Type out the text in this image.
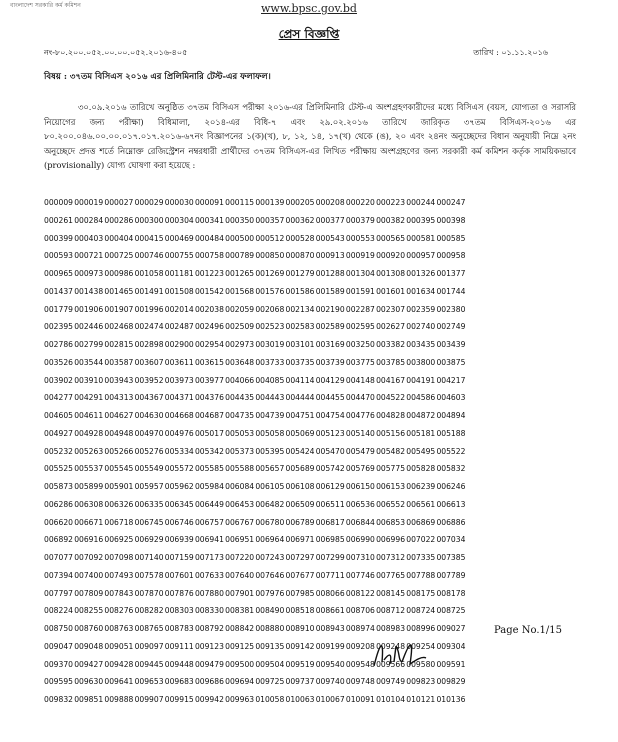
বাংলাদেশ সরকারি কর্ম কমিশন	www.bpsc.gov.bd
প্রেস বিজ্ঞপ্তি
নং-৮০.২০০.০৫২.০০.০০.০৫২.২০১৬-৪০৫	তারিখ : ০১.১১.২০১৬
বিষয় : ৩৭তম বিসিএস ২০১৬ এর প্রিলিমিনারি টেস্ট-এর ফলাফল।

৩০.০৯.২০১৬ তারিখে অনুষ্ঠিত ৩৭তম বিসিএস পরীক্ষা ২০১৬-এর প্রিলিমিনারি টেস্ট-এ অংশগ্রহণকারীদের মধ্যে বিসিএস (বয়স, যোগ্যতা ও সরাসরি নিয়োগের জন্য পরীক্ষা) বিধিমালা, ২০১৪-এর বিধি-৭ এবং ২৯.০২.২০১৬ তারিখে জারিকৃত ৩৭তম বিসিএস-২০১৬ এর ৮০.২০০.০৪৬.০০.০০.০১৭.০১৭.২০১৬-৬৭নং বিজ্ঞাপনের ১(ক)(খ), ৮, ১২, ১৪, ১৭(খ) থেকে (ঙ), ২০ এবং ২৪নং অনুচ্ছেদের বিধান অনুযায়ী নিম্নে ২নং অনুচ্ছেদে প্রদত্ত শর্তে নিম্নোক্ত রেজিস্ট্রেশন নম্বরধারী প্রার্থীদের ৩৭তম বিসিএস-এর লিখিত পরীক্ষায় অংশগ্রহণের জন্য সরকারী কর্ম কমিশন কর্তৃক সাময়িকভাবে (provisionally) যোগ্য ঘোষণা করা হয়েছে :

000009 000019 000027 000029 000030 000091 000115 000139 000205 000208 000220 000223 000244 000247
000261 000284 000286 000300 000304 000341 000350 000357 000362 000377 000379 000382 000395 000398
000399 000403 000404 000415 000469 000484 000500 000512 000528 000543 000553 000565 000581 000585
000593 000721 000725 000746 000755 000758 000789 000850 000870 000913 000919 000920 000957 000958
000965 000973 000986 001058 001181 001223 001265 001269 001279 001288 001304 001308 001326 001377
001437 001438 001465 001491 001508 001542 001568 001576 001586 001589 001591 001601 001634 001744
001779 001906 001907 001996 002014 002038 002059 002068 002134 002190 002287 002307 002359 002380
002395 002446 002468 002474 002487 002496 002509 002523 002583 002589 002595 002627 002740 002749
002786 002799 002815 002898 002900 002954 002973 003019 003101 003169 003250 003382 003435 003439
003526 003544 003587 003607 003611 003615 003648 003733 003735 003739 003775 003785 003800 003875
003902 003910 003943 003952 003973 003977 004066 004085 004114 004129 004148 004167 004191 004217
004277 004291 004313 004367 004371 004376 004435 004443 004444 004455 004470 004522 004586 004603
004605 004611 004627 004630 004668 004687 004735 004739 004751 004754 004776 004828 004872 004894
004927 004928 004948 004970 004976 005017 005053 005058 005069 005123 005140 005156 005181 005188
005232 005263 005266 005276 005334 005342 005373 005395 005424 005470 005479 005482 005495 005522
005525 005537 005545 005549 005572 005585 005588 005657 005689 005742 005769 005775 005828 005832
005873 005899 005901 005957 005962 005984 006084 006105 006108 006129 006150 006153 006239 006246
006286 006308 006326 006335 006345 006449 006453 006482 006509 006511 006536 006552 006561 006613
006620 006671 006718 006745 006746 006757 006767 006780 006789 006817 006844 006853 006869 006886
006892 006916 006925 006929 006939 006941 006951 006964 006971 006985 006990 006996 007022 007034
007077 007092 007098 007140 007159 007173 007220 007243 007297 007299 007310 007312 007335 007385
007394 007400 007493 007578 007601 007633 007640 007646 007677 007711 007746 007765 007788 007789
007797 007809 007843 007870 007876 007880 007901 007976 007985 008066 008122 008145 008175 008178
008224 008255 008276 008282 008303 008330 008381 008490 008518 008661 008706 008712 008724 008725
008750 008760 008763 008765 008783 008792 008842 008880 008910 008943 008974 008983 008996 009027
009047 009048 009051 009097 009111 009123 009125 009135 009142 009199 009208 009248 009254 009304
009370 009427 009428 009445 009448 009479 009500 009504 009519 009540 009548 009566 009580 009591
009595 009630 009641 009653 009683 009686 009694 009725 009737 009740 009748 009749 009823 009829
009832 009851 009888 009907 009915 009942 009963 010058 010063 010067 010091 010104 010121 010136
Page No.1/15
